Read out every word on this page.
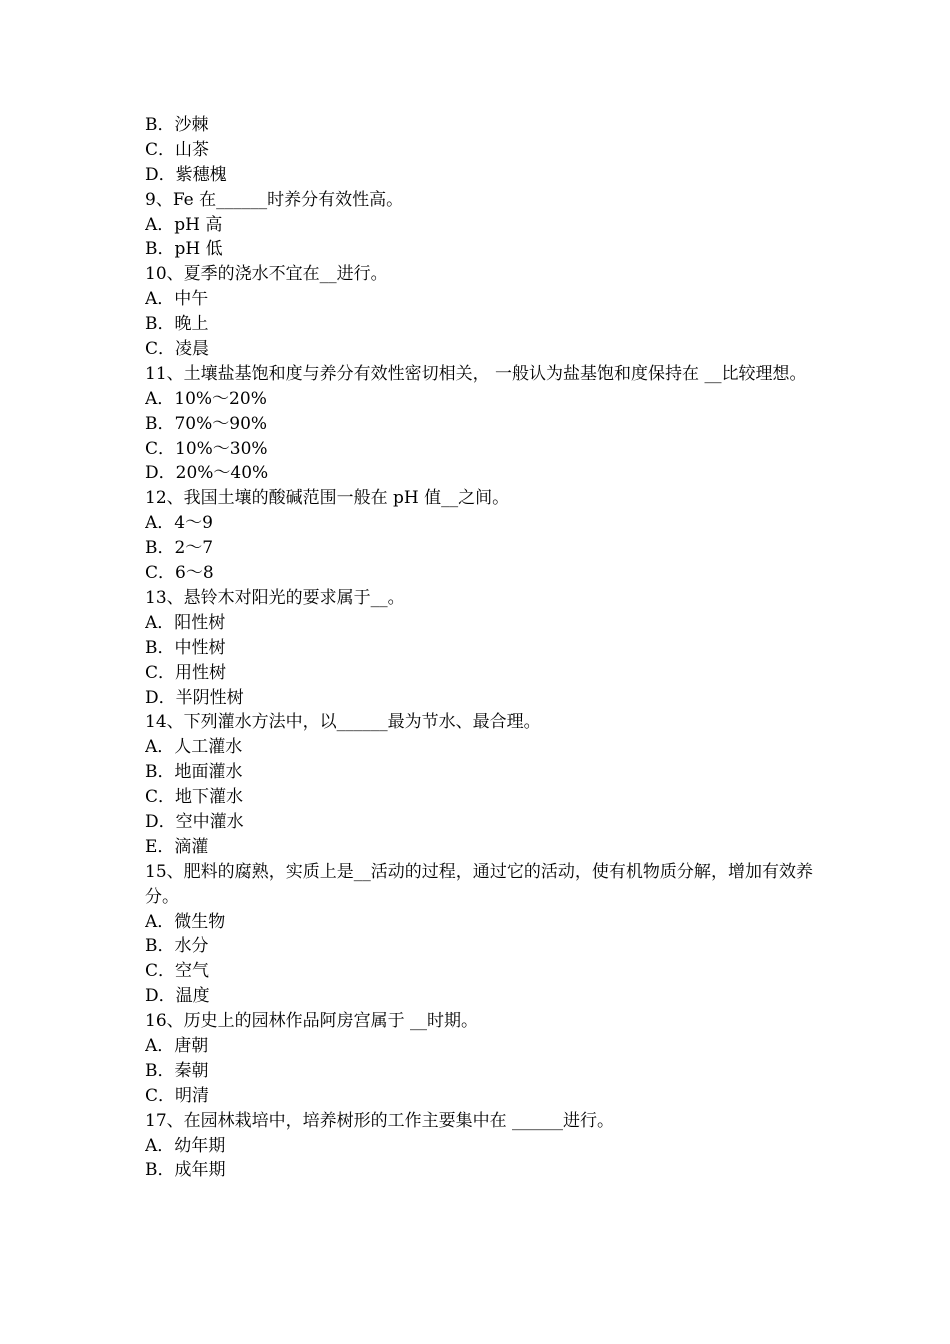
B．沙棘
C．山茶
D．紫穗槐
9、Fe 在______时养分有效性高。
A．pH 高
B．pH 低
10、夏季的浇水不宜在__进行。
A．中午
B．晚上
C．凌晨
11、土壤盐基饱和度与养分有效性密切相关， 一般认为盐基饱和度保持在 __比较理想。
A．10%～20%
B．70%～90%
C．10%～30%
D．20%～40%
12、我国土壤的酸碱范围一般在 pH 值__之间。
A．4～9
B．2～7
C．6～8
13、悬铃木对阳光的要求属于__。
A．阳性树
B．中性树
C．用性树
D．半阴性树
14、下列灌水方法中，以______最为节水、最合理。
A．人工灌水
B．地面灌水
C．地下灌水
D．空中灌水
E．滴灌
15、肥料的腐熟，实质上是__活动的过程，通过它的活动，使有机物质分解，增加有效养分。
A．微生物
B．水分
C．空气
D．温度
16、历史上的园林作品阿房宫属于 __时期。
A．唐朝
B．秦朝
C．明清
17、在园林栽培中，培养树形的工作主要集中在 ______进行。
A．幼年期
B．成年期
